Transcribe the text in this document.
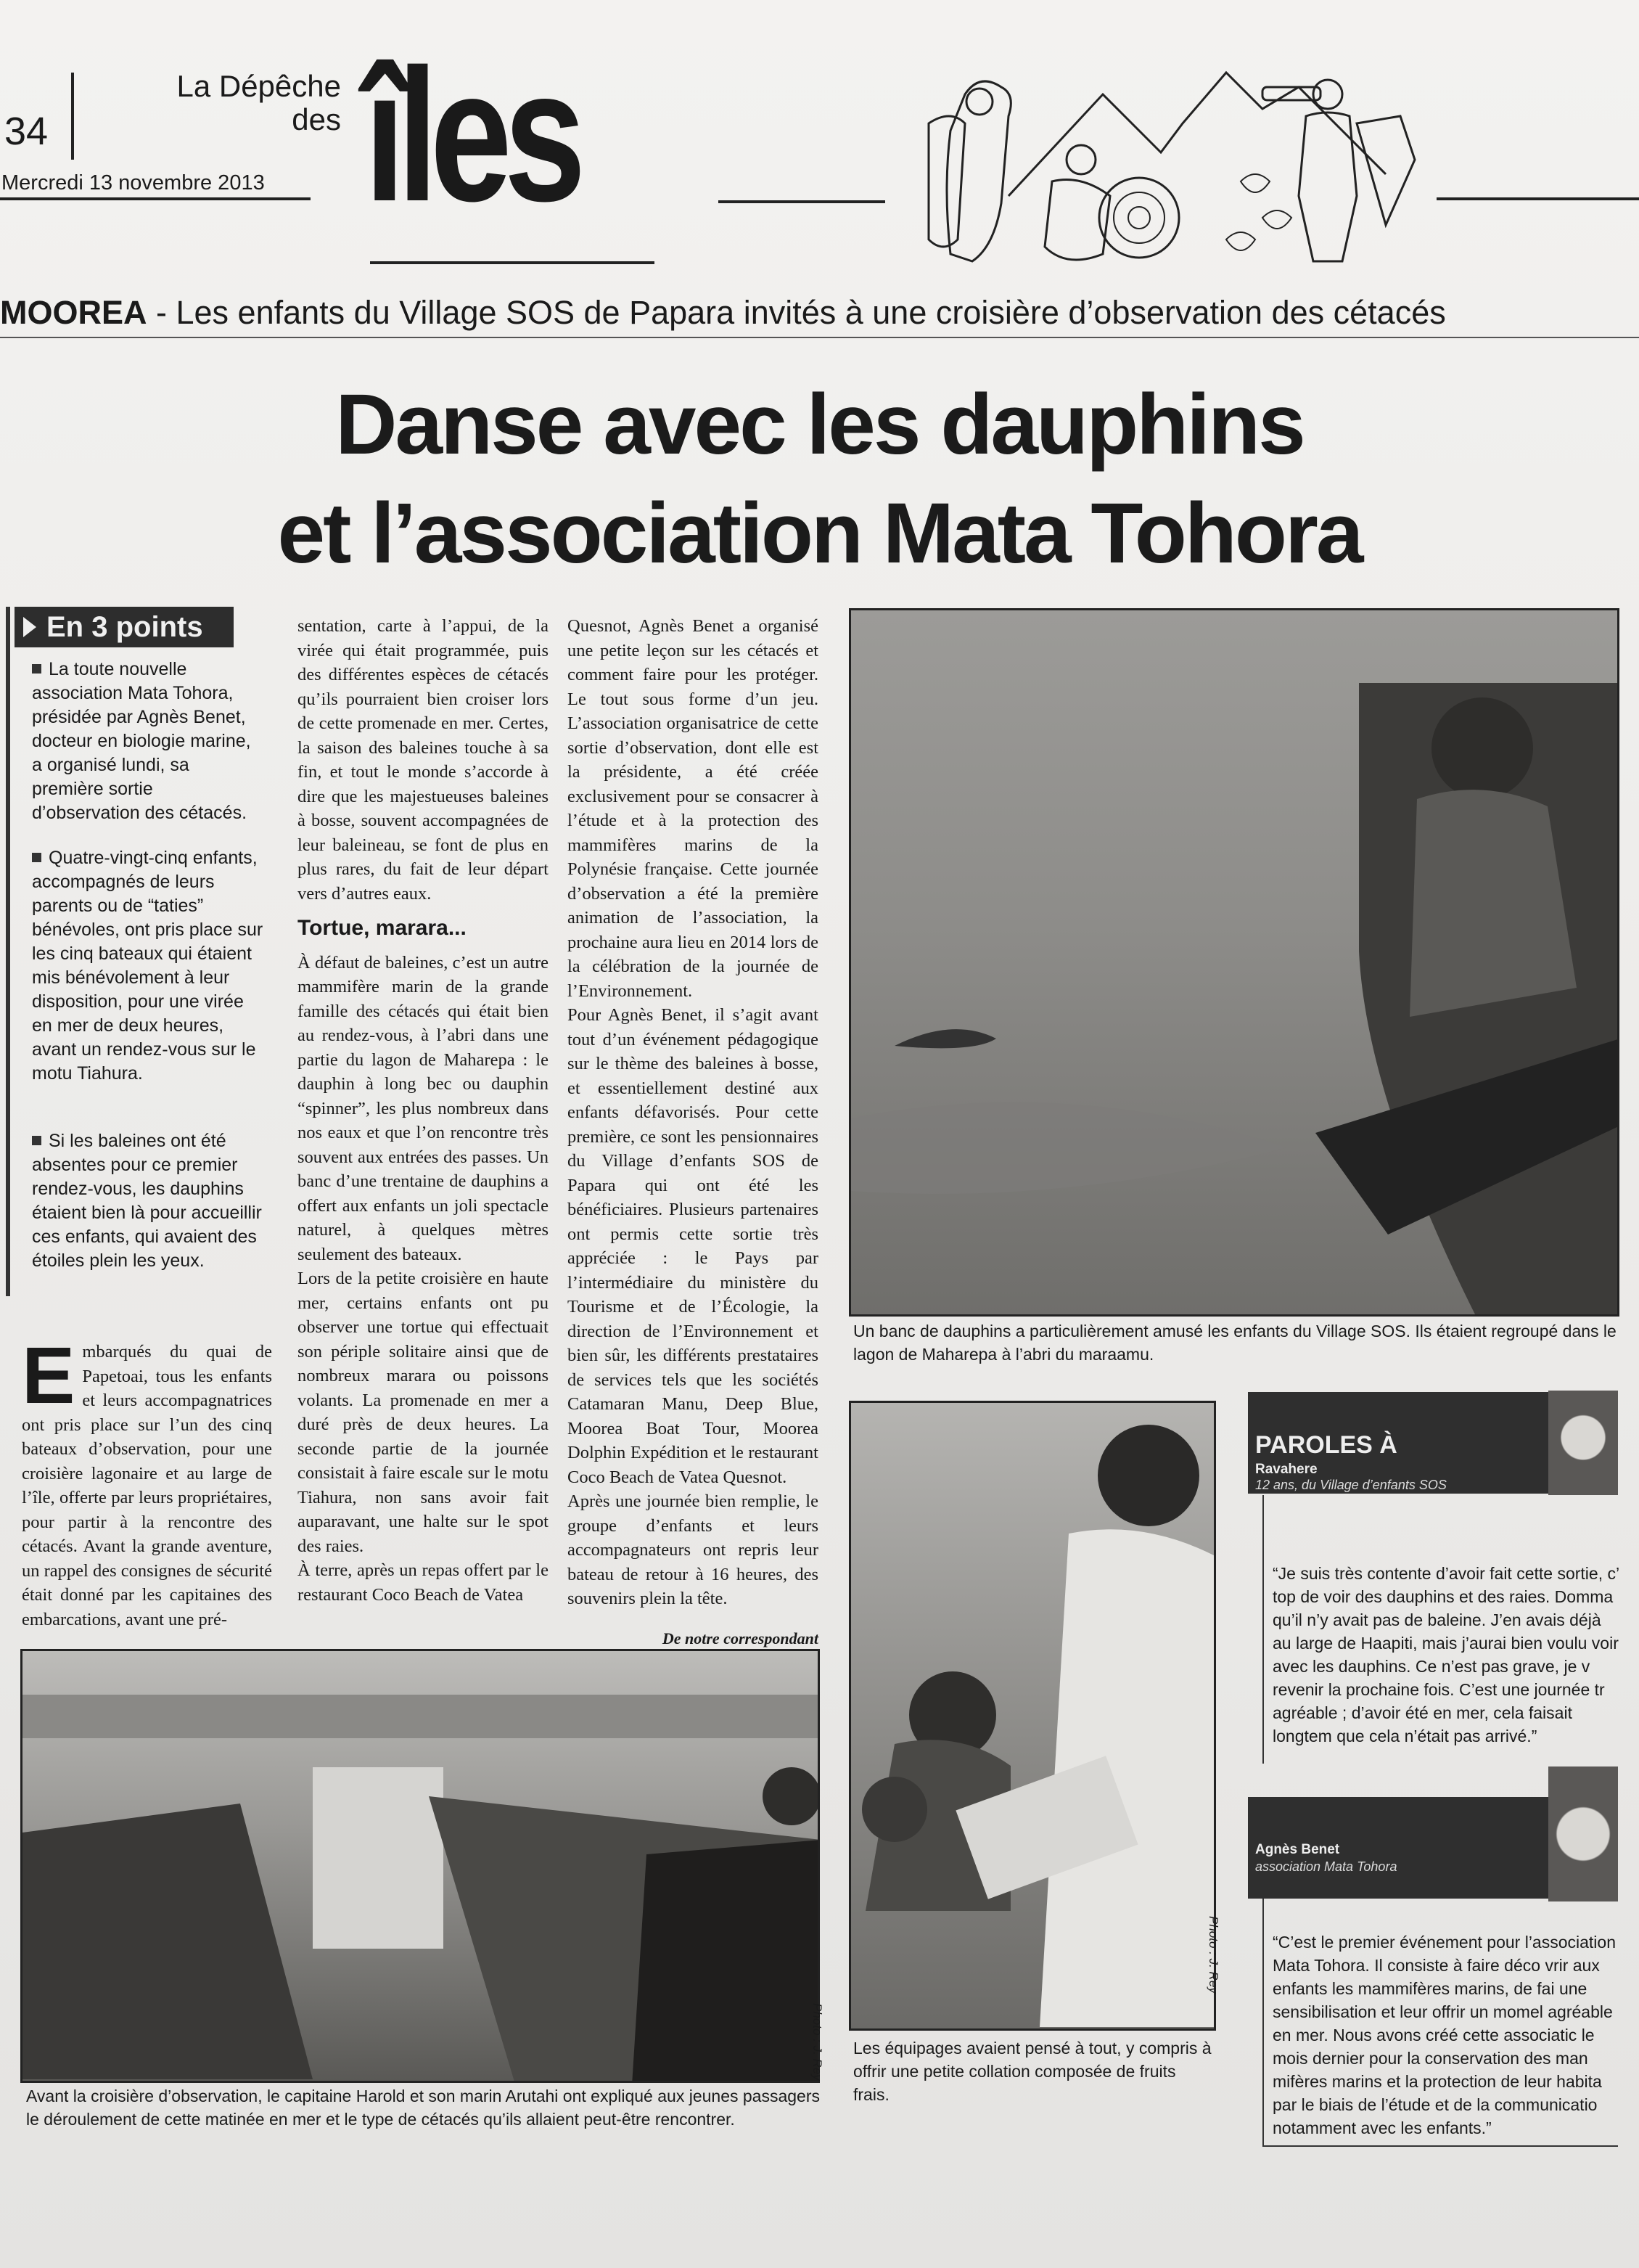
34
La Dépêche
des îles
Mercredi 13 novembre 2013
MOOREA - Les enfants du Village SOS de Papara invités à une croisière d’observation des cétacés
Danse avec les dauphins
et l’association Mata Tohora
En 3 points
La toute nouvelle association Mata Tohora, présidée par Agnès Benet, docteur en biologie marine, a organisé lundi, sa première sortie d’observation des cétacés.
Quatre-vingt-cinq enfants, accompagnés de leurs parents ou de “taties” bénévoles, ont pris place sur les cinq bateaux qui étaient mis bénévolement à leur disposition, pour une virée en mer de deux heures, avant un rendez-vous sur le motu Tiahura.
Si les baleines ont été absentes pour ce premier rendez-vous, les dauphins étaient bien là pour accueillir ces enfants, qui avaient des étoiles plein les yeux.
Embarqués du quai de Papetoai, tous les enfants et leurs accompagnatrices ont pris place sur l’un des cinq bateaux d’observation, pour une croisière lagonaire et au large de l’île, offerte par leurs propriétaires, pour partir à la rencontre des cétacés. Avant la grande aventure, un rappel des consignes de sécurité était donné par les capitaines des embarcations, avant une pré-

sentation, carte à l’appui, de la virée qui était programmée, puis des différentes espèces de cétacés qu’ils pourraient bien croiser lors de cette promenade en mer. Certes, la saison des baleines touche à sa fin, et tout le monde s’accorde à dire que les majestueuses baleines à bosse, souvent accompagnées de leur baleineau, se font de plus en plus rares, du fait de leur départ vers d’autres eaux.

Tortue, marara...

À défaut de baleines, c’est un autre mammifère marin de la grande famille des cétacés qui était bien au rendez-vous, à l’abri dans une partie du lagon de Maharepa : le dauphin à long bec ou dauphin “spinner”, les plus nombreux dans nos eaux et que l’on rencontre très souvent aux entrées des passes. Un banc d’une trentaine de dauphins a offert aux enfants un joli spectacle naturel, à quelques mètres seulement des bateaux.

Lors de la petite croisière en haute mer, certains enfants ont pu observer une tortue qui effectuait son périple solitaire ainsi que de nombreux marara ou poissons volants. La promenade en mer a duré près de deux heures. La seconde partie de la journée consistait à faire escale sur le motu Tiahura, non sans avoir fait auparavant, une halte sur le spot des raies.

À terre, après un repas offert par le restaurant Coco Beach de Vatea

Quesnot, Agnès Benet a organisé une petite leçon sur les cétacés et comment faire pour les protéger. Le tout sous forme d’un jeu. L’association organisatrice de cette sortie d’observation, dont elle est la présidente, a été créée exclusivement pour se consacrer à l’étude et à la protection des mammifères marins de la Polynésie française. Cette journée d’observation a été la première animation de l’association, la prochaine aura lieu en 2014 lors de la célébration de la journée de l’Environnement.

Pour Agnès Benet, il s’agit avant tout d’un événement pédagogique sur le thème des baleines à bosse, et essentiellement destiné aux enfants défavorisés. Pour cette première, ce sont les pensionnaires du Village d’enfants SOS de Papara qui ont été les bénéficiaires. Plusieurs partenaires ont permis cette sortie très appréciée : le Pays par l’intermédiaire du ministère du Tourisme et de l’Écologie, la direction de l’Environnement et bien sûr, les différents prestataires de services tels que les sociétés Catamaran Manu, Deep Blue, Moorea Boat Tour, Moorea Dolphin Expédition et le restaurant Coco Beach de Vatea Quesnot.

Après une journée bien remplie, le groupe d’enfants et leurs accompagnateurs ont repris leur bateau de retour à 16 heures, des souvenirs plein la tête.

De notre correspondant
Un banc de dauphins a particulièrement amusé les enfants du Village SOS. Ils étaient regroupé dans le lagon de Maharepa à l’abri du maraamu.
Photo : J. Rey
Avant la croisière d’observation, le capitaine Harold et son marin Arutahi ont expliqué aux jeunes passagers le déroulement de cette matinée en mer et le type de cétacés qu’ils allaient peut-être rencontrer.
Photo : J. Rey
Les équipages avaient pensé à tout, y compris à offrir une petite collation composée de fruits frais.
PAROLES À
Ravahere
12 ans, du Village d’enfants SOS
“Je suis très contente d’avoir fait cette sortie, c’ top de voir des dauphins et des raies. Domma qu’il n’y avait pas de baleine. J’en avais déjà au large de Haapiti, mais j’aurai bien voulu voir avec les dauphins. Ce n’est pas grave, je v revenir la prochaine fois. C’est une journée tr agréable ; d’avoir été en mer, cela faisait longtem que cela n’était pas arrivé.”
Agnès Benet
association Mata Tohora
“C’est le premier événement pour l’association Mata Tohora. Il consiste à faire déco vrir aux enfants les mammifères marins, de fai une sensibilisation et leur offrir un momel agréable en mer. Nous avons créé cette associatic le mois dernier pour la conservation des man mifères marins et la protection de leur habita par le biais de l’étude et de la communicatio notamment avec les enfants.”
